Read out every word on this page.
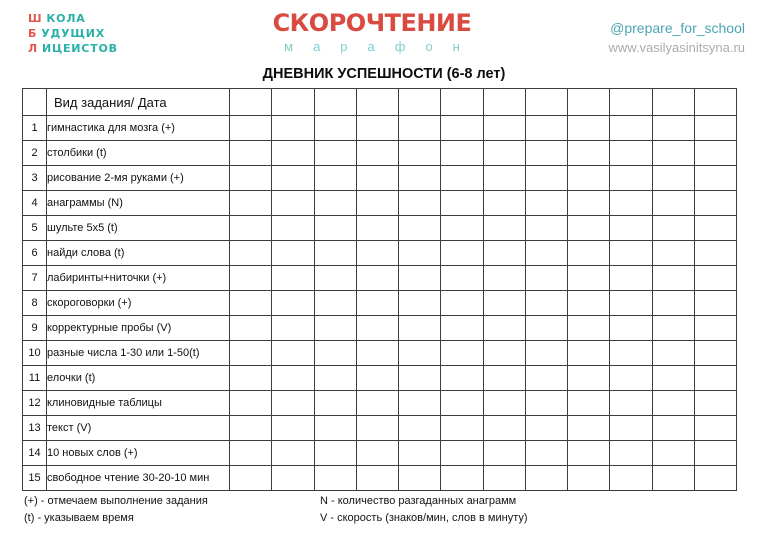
Ш КОЛА
Б УДУЩИХ
Л ИЦЕИСТОВ
СКОРОЧТЕНИЕ
марафон
@prepare_for_school
www.vasilyasinitsyna.ru
ДНЕВНИК УСПЕШНОСТИ (6-8 лет)
	Вид задания/ Дата												
1	гимнастика для мозга (+)												
2	столбики (t)												
3	рисование 2-мя руками (+)												
4	анаграммы (N)												
5	шульте 5х5 (t)												
6	найди слова (t)												
7	лабиринты+ниточки (+)												
8	скороговорки (+)												
9	корректурные пробы (V)												
10	разные числа 1-30 или 1-50(t)												
11	елочки (t)												
12	клиновидные таблицы												
13	текст (V)												
14	10 новых слов (+)												
15	свободное чтение 30-20-10 мин												
(+) - отмечаем выполнение задания
(t) - указываем время
N - количество разгаданных анаграмм
V - скорость (знаков/мин, слов в минуту)
